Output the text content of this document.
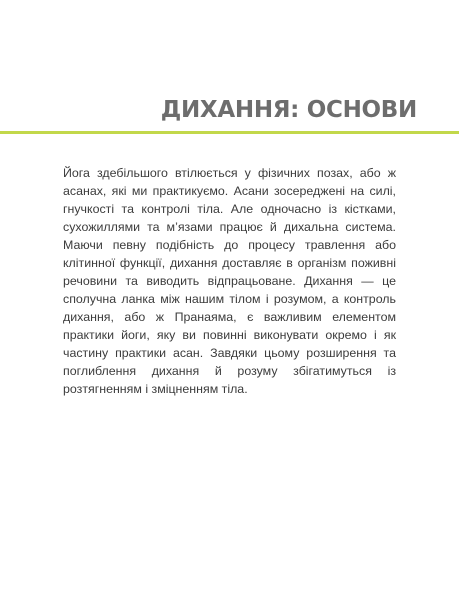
ДИХАННЯ: ОСНОВИ

Йога здебільшого втілюється у фізичних позах, або ж асанах, які ми практикуємо. Асани зосереджені на силі, гнучкості та контролі тіла. Але одночасно із кістками, сухожиллями та м’язами працює й дихальна система. Маючи певну подібність до процесу травлення або клітинної функції, дихання доставляє в організм поживні речовини та виводить відпрацьоване. Дихання — це сполучна ланка між нашим тілом і розумом, а контроль дихання, або ж Пранаяма, є важливим елементом практики йоги, яку ви повинні виконувати окремо і як частину практики асан. Завдяки цьому розширення та поглиблення дихання й розуму збігатимуться із розтягненням і зміцненням тіла.
